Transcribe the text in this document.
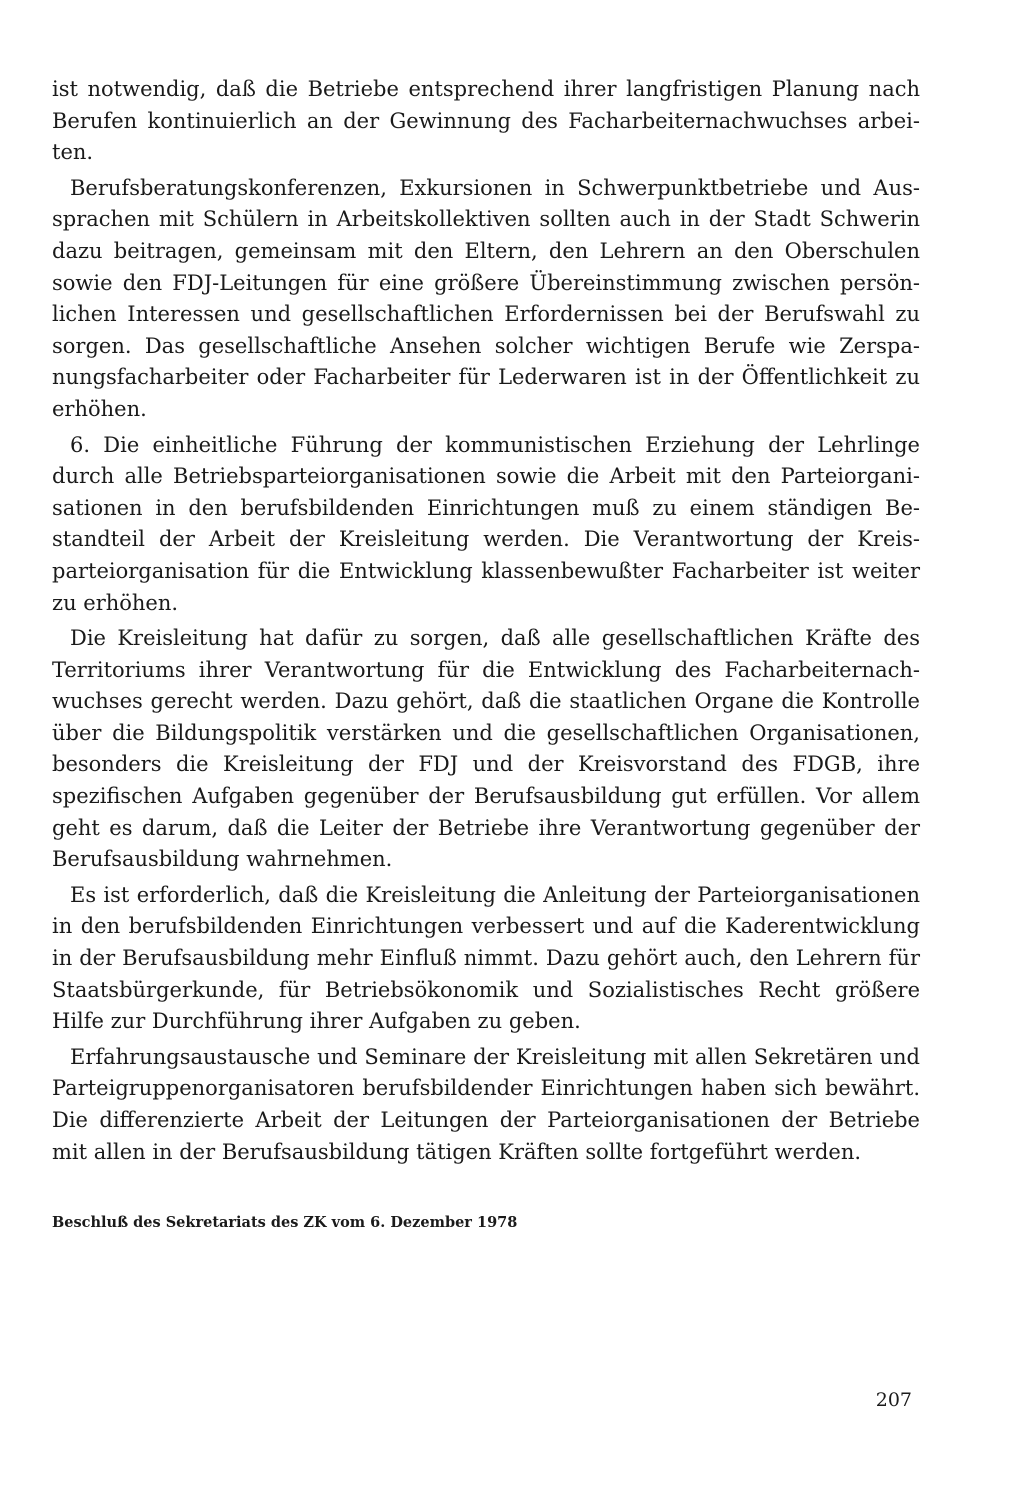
ist notwendig, daß die Betriebe entsprechend ihrer langfristigen Planung nach Berufen kontinuierlich an der Gewinnung des Facharbeiternachwuchses arbeiten.

Berufsberatungskonferenzen, Exkursionen in Schwerpunktbetriebe und Aussprachen mit Schülern in Arbeitskollektiven sollten auch in der Stadt Schwerin dazu beitragen, gemeinsam mit den Eltern, den Lehrern an den Oberschulen sowie den FDJ-Leitungen für eine größere Übereinstimmung zwischen persönlichen Interessen und gesellschaftlichen Erfordernissen bei der Berufswahl zu sorgen. Das gesellschaftliche Ansehen solcher wichtigen Berufe wie Zerspanungsfacharbeiter oder Facharbeiter für Lederwaren ist in der Öffentlichkeit zu erhöhen.

6. Die einheitliche Führung der kommunistischen Erziehung der Lehrlinge durch alle Betriebsparteiorganisationen sowie die Arbeit mit den Parteiorganisationen in den berufsbildenden Einrichtungen muß zu einem ständigen Bestandteil der Arbeit der Kreisleitung werden. Die Verantwortung der Kreisparteiorganisation für die Entwicklung klassenbewußter Facharbeiter ist weiter zu erhöhen.

Die Kreisleitung hat dafür zu sorgen, daß alle gesellschaftlichen Kräfte des Territoriums ihrer Verantwortung für die Entwicklung des Facharbeiternachwuchses gerecht werden. Dazu gehört, daß die staatlichen Organe die Kontrolle über die Bildungspolitik verstärken und die gesellschaftlichen Organisationen, besonders die Kreisleitung der FDJ und der Kreisvorstand des FDGB, ihre spezifischen Aufgaben gegenüber der Berufsausbildung gut erfüllen. Vor allem geht es darum, daß die Leiter der Betriebe ihre Verantwortung gegenüber der Berufsausbildung wahrnehmen.

Es ist erforderlich, daß die Kreisleitung die Anleitung der Parteiorganisationen in den berufsbildenden Einrichtungen verbessert und auf die Kaderentwicklung in der Berufsausbildung mehr Einfluß nimmt. Dazu gehört auch, den Lehrern für Staatsbürgerkunde, für Betriebsökonomik und Sozialistisches Recht größere Hilfe zur Durchführung ihrer Aufgaben zu geben.

Erfahrungsaustausche und Seminare der Kreisleitung mit allen Sekretären und Parteigruppenorganisatoren berufsbildender Einrichtungen haben sich bewährt. Die differenzierte Arbeit der Leitungen der Parteiorganisationen der Betriebe mit allen in der Berufsausbildung tätigen Kräften sollte fortgeführt werden.

Beschluß des Sekretariats des ZK vom 6. Dezember 1978
207
